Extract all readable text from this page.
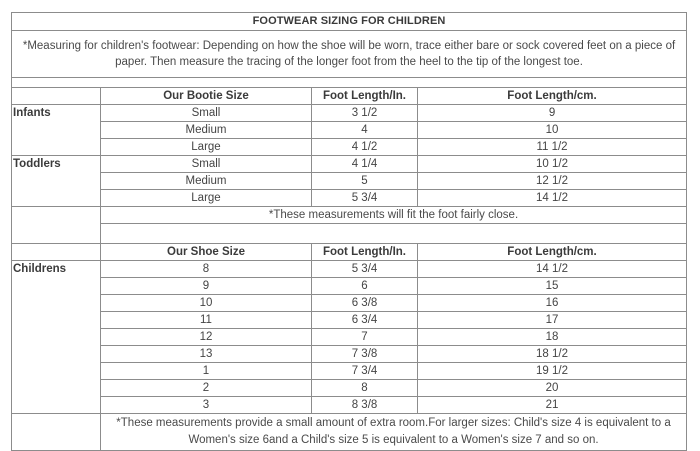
FOOTWEAR SIZING FOR CHILDREN			
*Measuring for children's footwear: Depending on how the shoe will be worn, trace either bare or sock covered feet on a piece of paper. Then measure the tracing of the longer foot from the heel to the tip of the longest toe.			

	Our Bootie Size	Foot Length/In.	Foot Length/cm.
Infants	Small	3 1/2	9
	Medium	4	10
	Large	4 1/2	11 1/2
Toddlers	Small	4 1/4	10 1/2
	Medium	5	12 1/2
	Large	5 3/4	14 1/2
	*These measurements will fit the foot fairly close.		

	Our Shoe Size	Foot Length/In.	Foot Length/cm.
Childrens	8	5 3/4	14 1/2
	9	6	15
	10	6 3/8	16
	11	6 3/4	17
	12	7	18
	13	7 3/8	18 1/2
	1	7 3/4	19 1/2
	2	8	20
	3	8 3/8	21
	*These measurements provide a small amount of extra room.For larger sizes: Child's size 4 is equivalent to a Women's size 6and a Child's size 5 is equivalent to a Women's size 7 and so on.		
